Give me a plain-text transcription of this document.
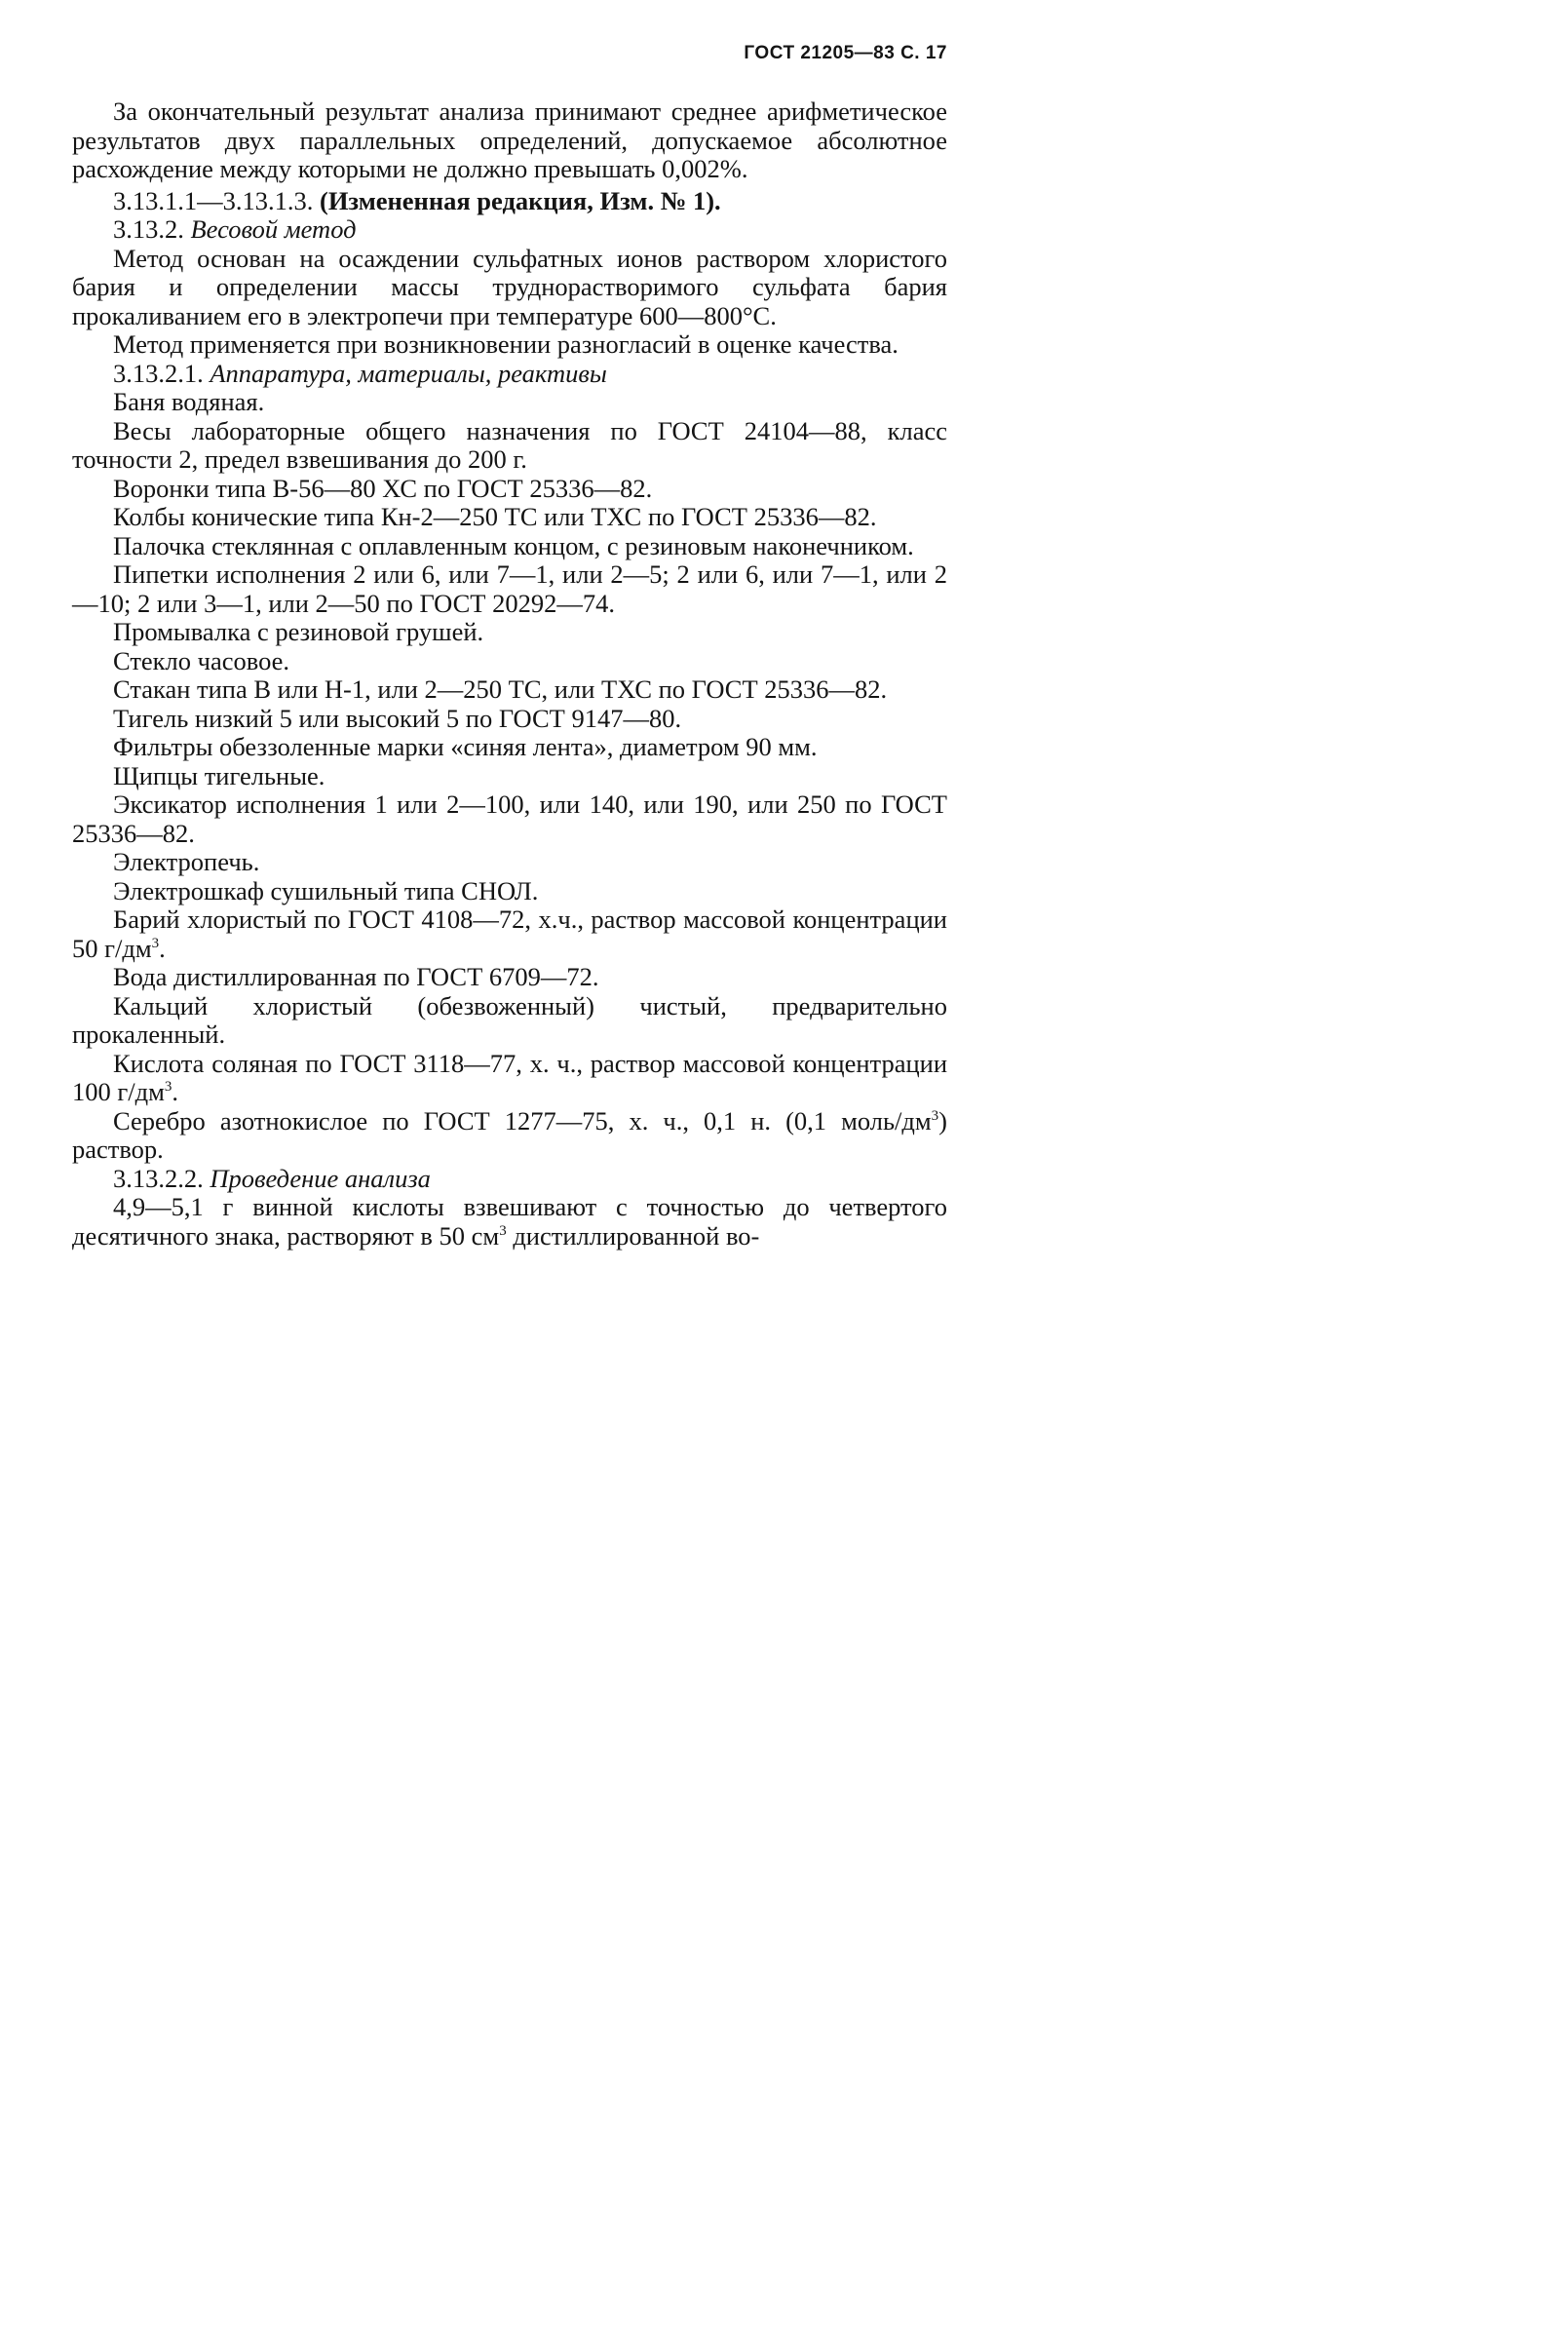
ГОСТ 21205—83 С. 17

За окончательный результат анализа принимают среднее арифметическое результатов двух параллельных определений, допускаемое абсолютное расхождение между которыми не должно превышать 0,002%.

3.13.1.1—3.13.1.3. (Измененная редакция, Изм. № 1).

3.13.2. Весовой метод

Метод основан на осаждении сульфатных ионов раствором хлористого бария и определении массы труднорастворимого сульфата бария прокаливанием его в электропечи при температуре 600—800°С.

Метод применяется при возникновении разногласий в оценке качества.

3.13.2.1. Аппаратура, материалы, реактивы

Баня водяная.

Весы лабораторные общего назначения по ГОСТ 24104—88, класс точности 2, предел взвешивания до 200 г.

Воронки типа В-56—80 ХС по ГОСТ 25336—82.

Колбы конические типа Кн-2—250 ТС или ТХС по ГОСТ 25336—82.

Палочка стеклянная с оплавленным концом, с резиновым наконечником.

Пипетки исполнения 2 или 6, или 7—1, или 2—5; 2 или 6, или 7—1, или 2—10; 2 или 3—1, или 2—50 по ГОСТ 20292—74.

Промывалка с резиновой грушей.

Стекло часовое.

Стакан типа В или Н-1, или 2—250 ТС, или ТХС по ГОСТ 25336—82.

Тигель низкий 5 или высокий 5 по ГОСТ 9147—80.

Фильтры обеззоленные марки «синяя лента», диаметром 90 мм.

Щипцы тигельные.

Эксикатор исполнения 1 или 2—100, или 140, или 190, или 250 по ГОСТ 25336—82.

Электропечь.

Электрошкаф сушильный типа СНОЛ.

Барий хлористый по ГОСТ 4108—72, х.ч., раствор массовой концентрации 50 $г/дм^3$.

Вода дистиллированная по ГОСТ 6709—72.

Кальций хлористый (обезвоженный) чистый, предварительно прокаленный.

Кислота соляная по ГОСТ 3118—77, х. ч., раствор массовой концентрации 100 $г/дм^3$.

Серебро азотнокислое по ГОСТ 1277—75, х. ч., 0,1 н. (0,1 моль/$дм^3$) раствор.

3.13.2.2. Проведение анализа

4,9—5,1 г винной кислоты взвешивают с точностью до четвертого десятичного знака, растворяют в 50 $см^3$ дистиллированной во-
